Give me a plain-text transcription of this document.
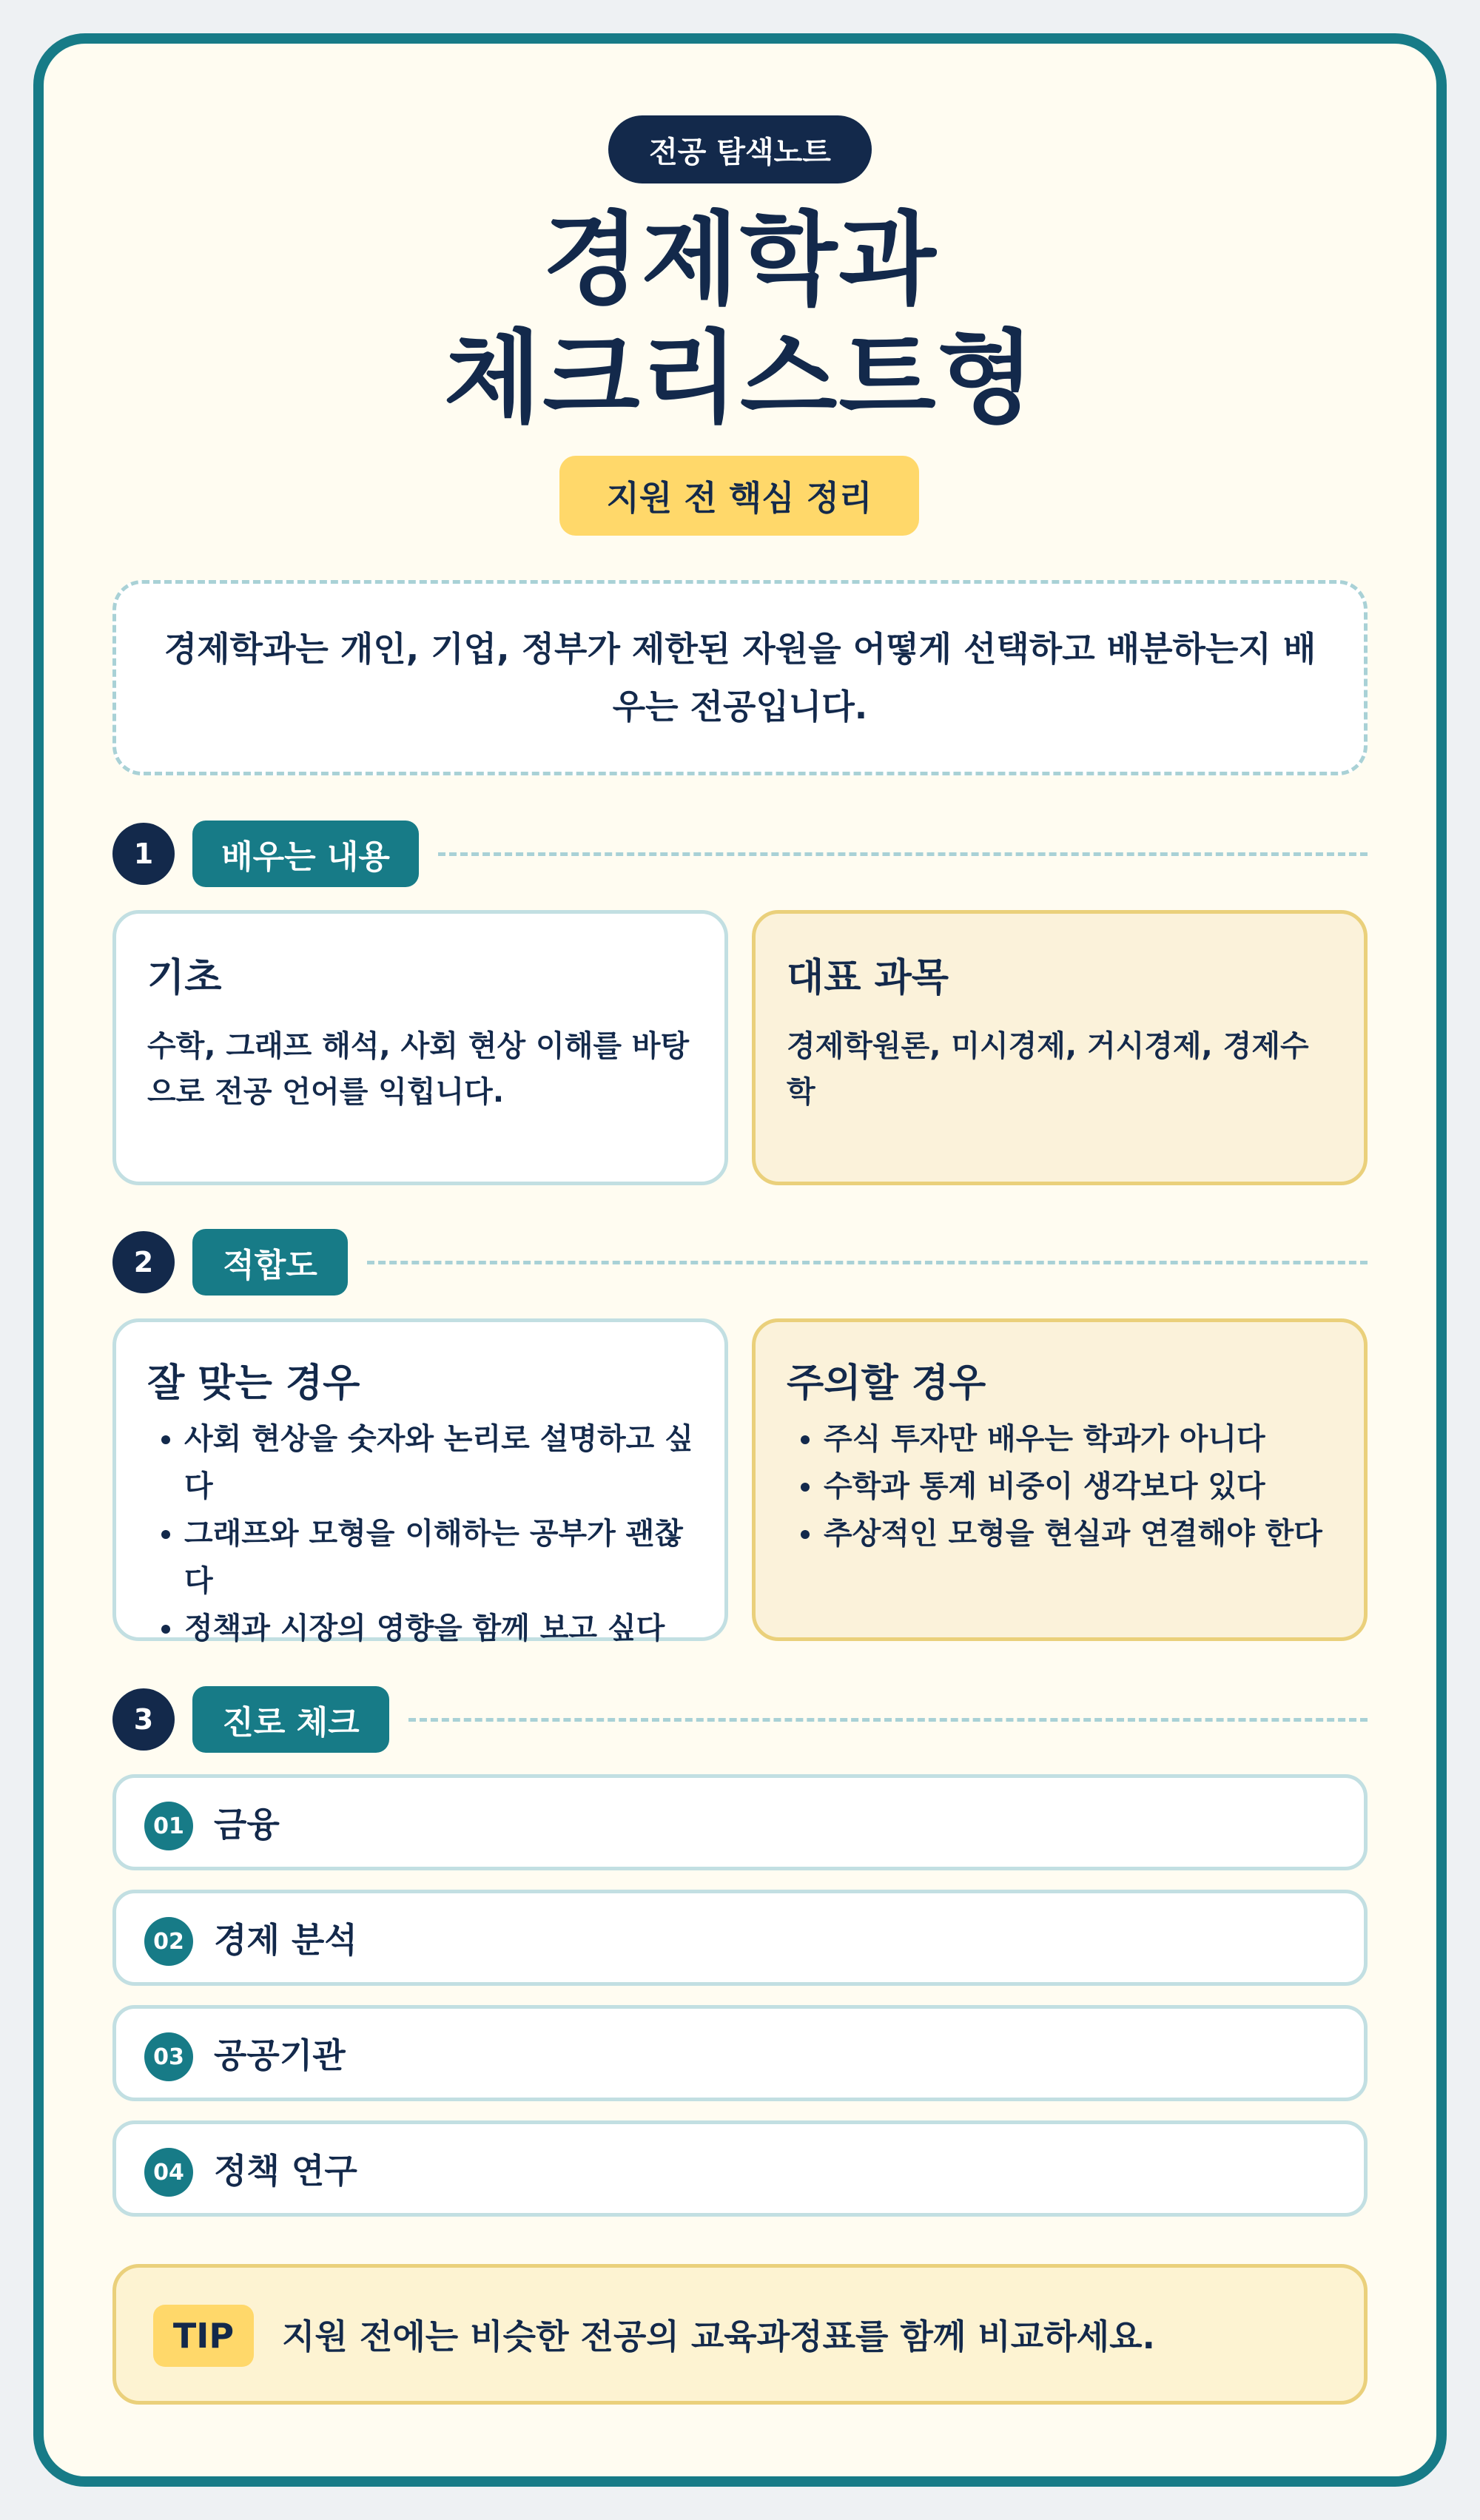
전공 탐색노트
경제학과
체크리스트형
지원 전 핵심 정리
경제학과는 개인, 기업, 정부가 제한된 자원을 어떻게 선택하고 배분하는지 배우는 전공입니다.
1	배우는 내용
기초
수학, 그래프 해석, 사회 현상 이해를 바탕으로 전공 언어를 익힙니다.
대표 과목
경제학원론, 미시경제, 거시경제, 경제수학
2	적합도
잘 맞는 경우
• 사회 현상을 숫자와 논리로 설명하고 싶다
• 그래프와 모형을 이해하는 공부가 괜찮다
• 정책과 시장의 영향을 함께 보고 싶다
주의할 경우
• 주식 투자만 배우는 학과가 아니다
• 수학과 통계 비중이 생각보다 있다
• 추상적인 모형을 현실과 연결해야 한다
3	진로 체크
01 금융
02 경제 분석
03 공공기관
04 정책 연구
TIP	지원 전에는 비슷한 전공의 교육과정표를 함께 비교하세요.
